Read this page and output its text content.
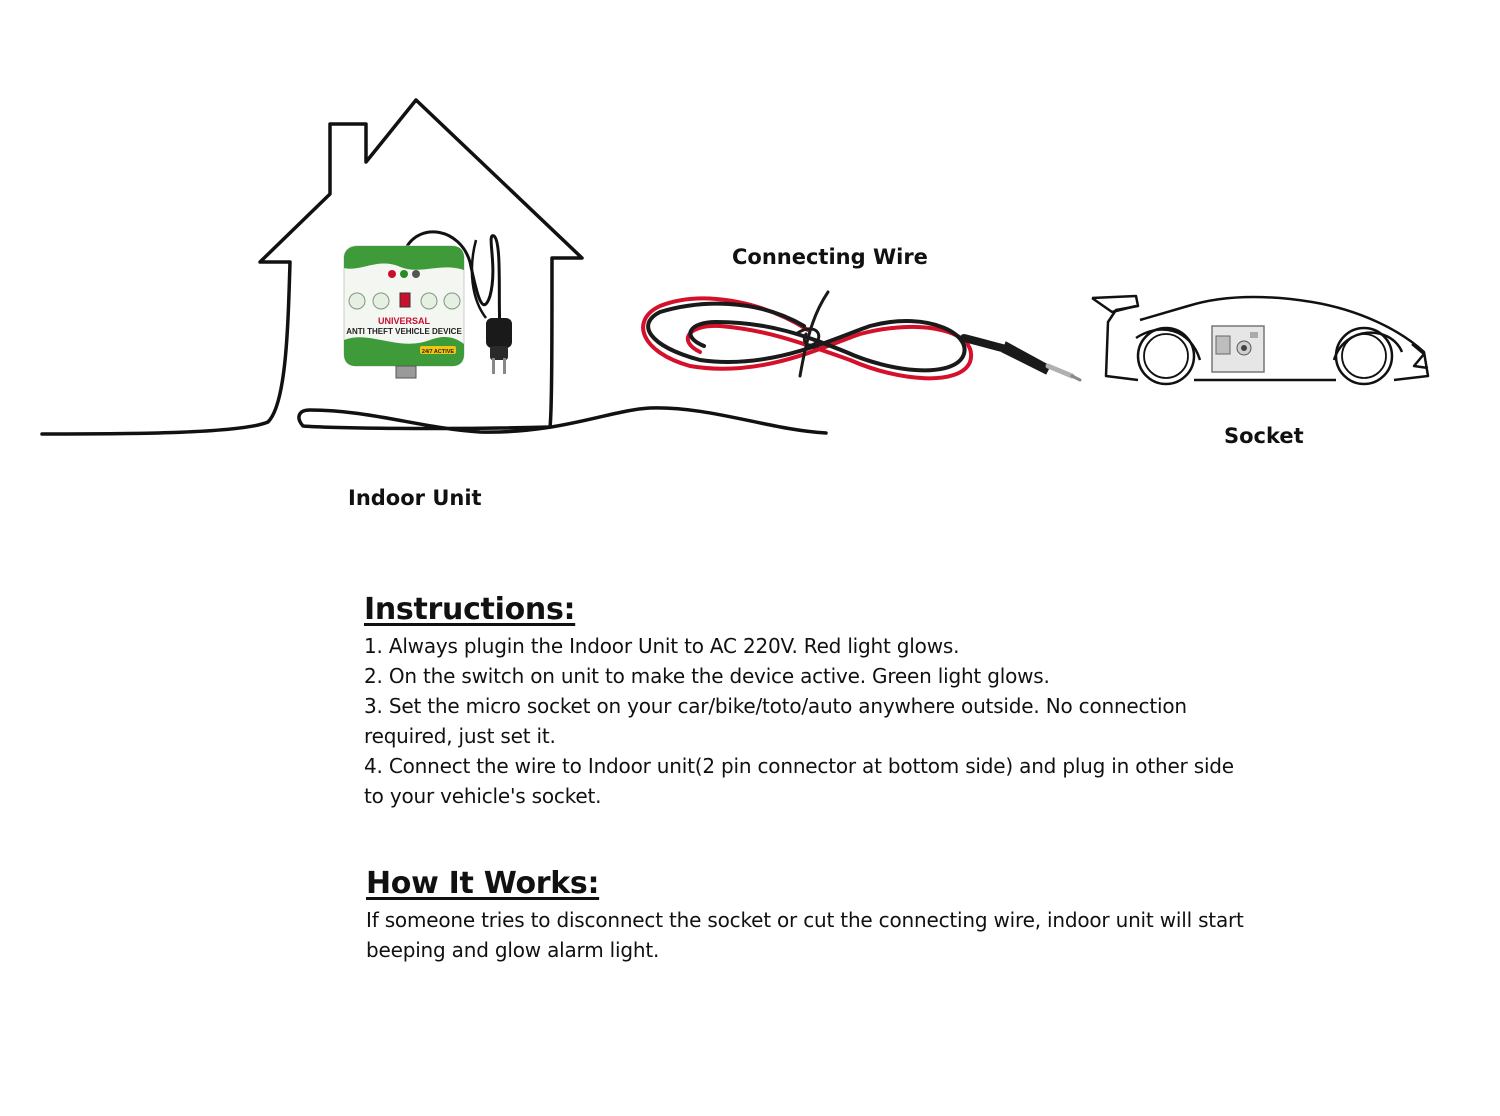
UNIVERSAL
ANTI THEFT VEHICLE DEVICE
24/7 ACTIVE
Indoor Unit
Connecting Wire
Socket
Instructions:

1. Always plugin the Indoor Unit to AC 220V. Red light glows.

2. On the switch on unit to make the device active. Green light glows.

3. Set the micro socket on your car/bike/toto/auto anywhere outside. No connection required, just set it.

4. Connect the wire to Indoor unit(2 pin connector at bottom side) and plug in other side to your vehicle's socket.

How It Works:

If someone tries to disconnect the socket or cut the connecting wire, indoor unit will start beeping and glow alarm light.
